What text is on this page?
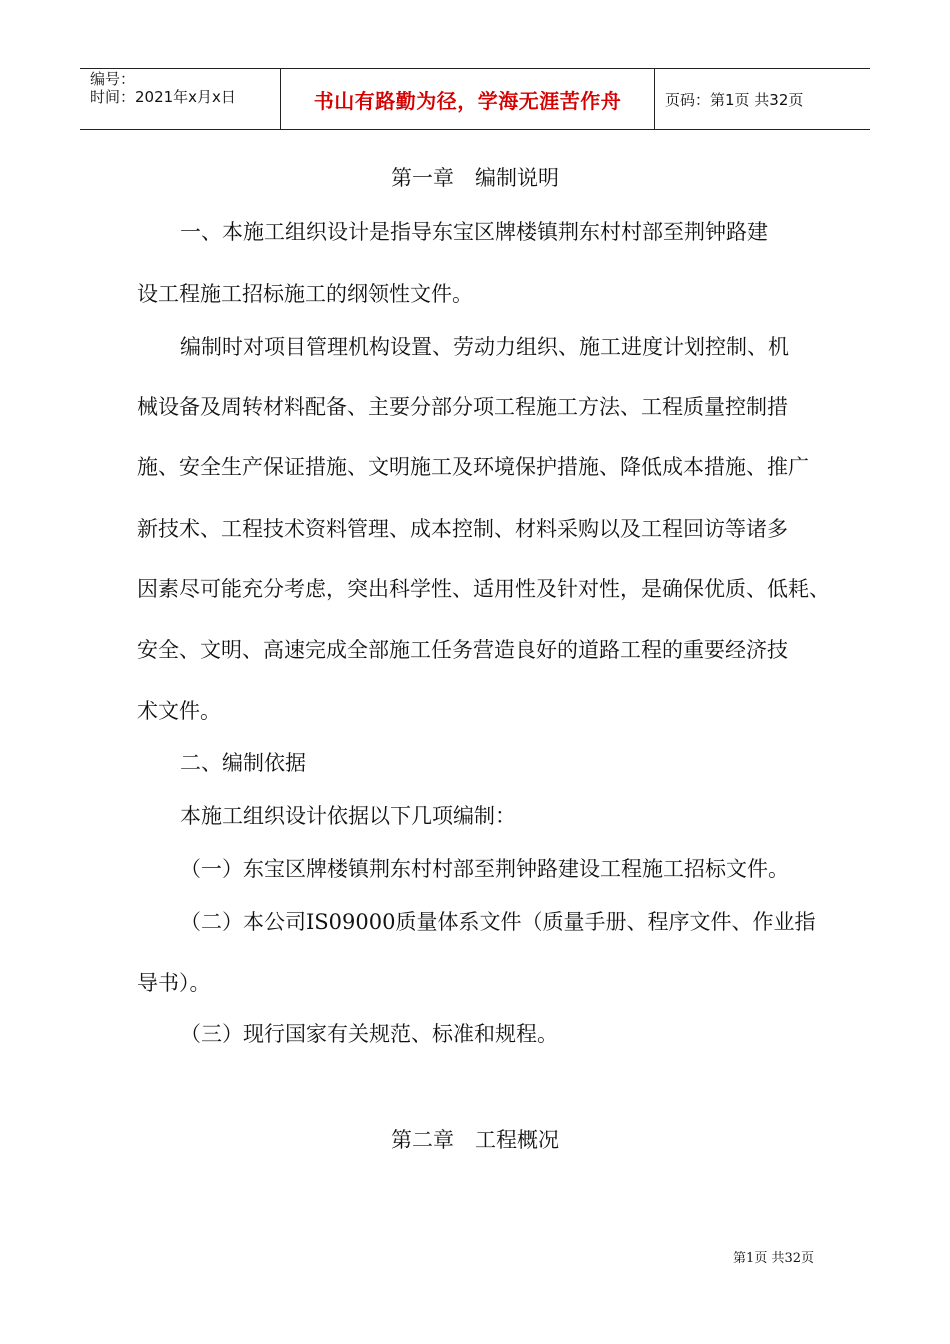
编号：
时间：2021年x月x日	书山有路勤为径，学海无涯苦作舟	页码：第1页 共32页
第一章　编制说明
一、本施工组织设计是指导东宝区牌楼镇荆东村村部至荆钟路建
设工程施工招标施工的纲领性文件。
编制时对项目管理机构设置、劳动力组织、施工进度计划控制、机
械设备及周转材料配备、主要分部分项工程施工方法、工程质量控制措
施、安全生产保证措施、文明施工及环境保护措施、降低成本措施、推广
新技术、工程技术资料管理、成本控制、材料采购以及工程回访等诸多
因素尽可能充分考虑，突出科学性、适用性及针对性，是确保优质、低耗、
安全、文明、高速完成全部施工任务营造良好的道路工程的重要经济技
术文件。
二、编制依据
本施工组织设计依据以下几项编制：
（一）东宝区牌楼镇荆东村村部至荆钟路建设工程施工招标文件。
（二）本公司IS09000质量体系文件（质量手册、程序文件、作业指
导书）。
（三）现行国家有关规范、标准和规程。
第二章　工程概况
第1页 共32页
